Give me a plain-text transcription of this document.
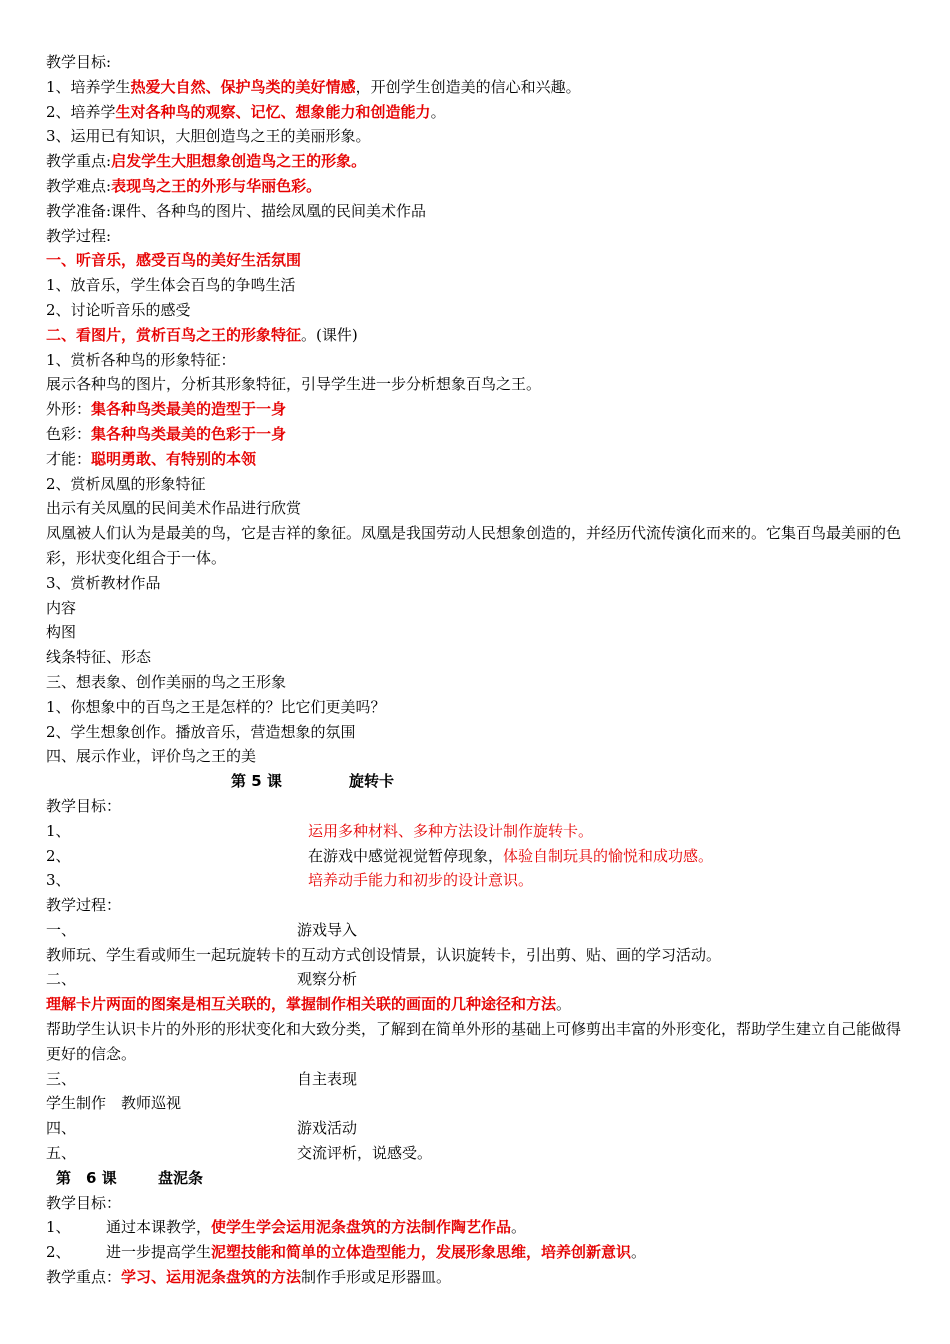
教学目标:
1、培养学生热爱大自然、保护鸟类的美好情感，开创学生创造美的信心和兴趣。
2、培养学生对各种鸟的观察、记忆、想象能力和创造能力。
3、运用已有知识，大胆创造鸟之王的美丽形象。
教学重点:启发学生大胆想象创造鸟之王的形象。
教学难点:表现鸟之王的外形与华丽色彩。
教学准备:课件、各种鸟的图片、描绘凤凰的民间美术作品
教学过程:
一、听音乐，感受百鸟的美好生活氛围
1、放音乐，学生体会百鸟的争鸣生活
2、讨论听音乐的感受
二、看图片，赏析百鸟之王的形象特征。(课件)
1、赏析各种鸟的形象特征：
展示各种鸟的图片，分析其形象特征，引导学生进一步分析想象百鸟之王。
外形：集各种鸟类最美的造型于一身
色彩：集各种鸟类最美的色彩于一身
才能：聪明勇敢、有特别的本领
2、赏析凤凰的形象特征
出示有关凤凰的民间美术作品进行欣赏
凤凰被人们认为是最美的鸟，它是吉祥的象征。凤凰是我国劳动人民想象创造的，并经历代流传演化而来的。它集百鸟最美丽的色彩，形状变化组合于一体。
3、赏析教材作品
内容
构图
线条特征、形态
三、想表象、创作美丽的鸟之王形象
1、你想象中的百鸟之王是怎样的？比它们更美吗？
2、学生想象创作。播放音乐，营造想象的氛围
四、展示作业，评价鸟之王的美
第 5 课	旋转卡
教学目标：
1、	运用多种材料、多种方法设计制作旋转卡。
2、	在游戏中感觉视觉暂停现象，体验自制玩具的愉悦和成功感。
3、	培养动手能力和初步的设计意识。
教学过程：
一、	游戏导入
教师玩、学生看或师生一起玩旋转卡的互动方式创设情景，认识旋转卡，引出剪、贴、画的学习活动。
二、	观察分析
理解卡片两面的图案是相互关联的，掌握制作相关联的画面的几种途径和方法。
帮助学生认识卡片的外形的形状变化和大致分类，了解到在简单外形的基础上可修剪出丰富的外形变化，帮助学生建立自己能做得更好的信念。
三、	自主表现
学生制作　教师巡视
四、	游戏活动
五、	交流评析，说感受。
第　6 课	盘泥条
教学目标：
1、 通过本课教学，使学生学会运用泥条盘筑的方法制作陶艺作品。
2、 进一步提高学生泥塑技能和简单的立体造型能力，发展形象思维，培养创新意识。
教学重点：学习、运用泥条盘筑的方法制作手形或足形器皿。
